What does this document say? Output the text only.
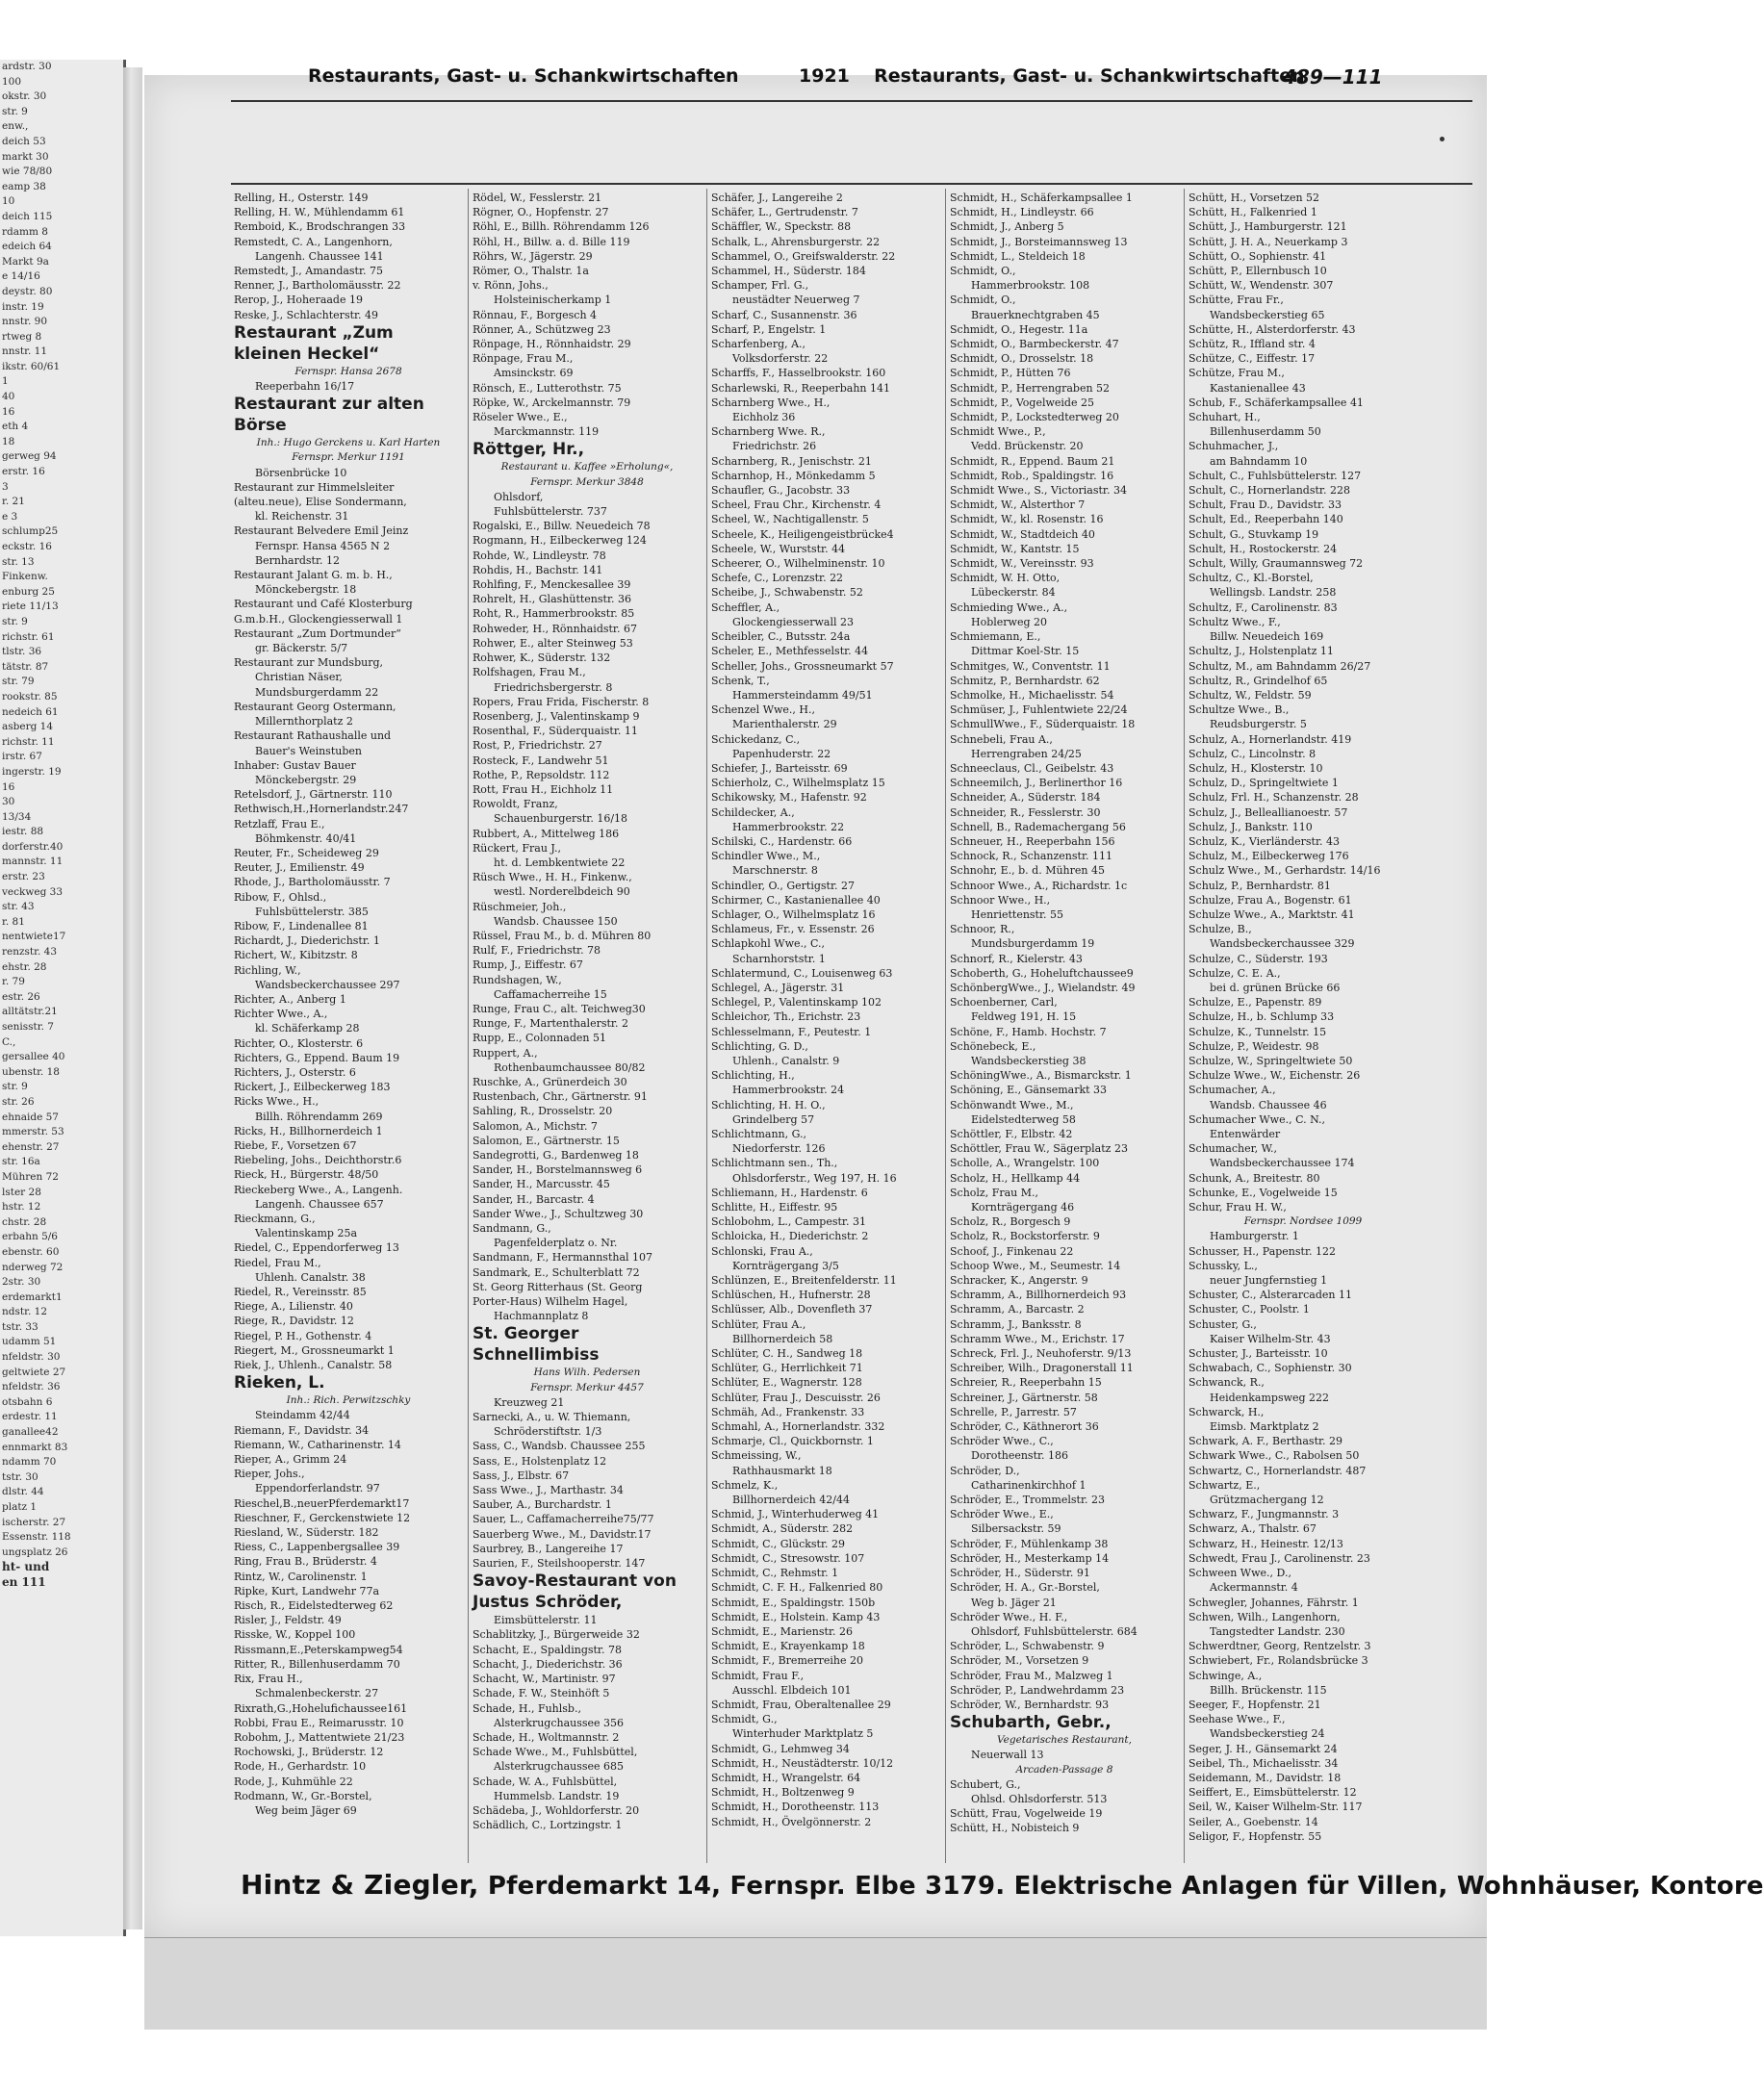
ardstr. 30
100
okstr. 30
str. 9
enw.,
deich 53
markt 30
wie 78/80
eamp 38
10
deich 115
rdamm 8
edeich 64
Markt 9a
e 14/16
deystr. 80
instr. 19
nnstr. 90
rtweg 8
nnstr. 11
ikstr. 60/61
1
40
16
eth 4
18
gerweg 94
erstr. 16
3
r. 21
e 3
schlump25
eckstr. 16
str. 13
Finkenw.
enburg 25
riete 11/13
str. 9
richstr. 61
tlstr. 36
tätstr. 87
str. 79
rookstr. 85
nedeich 61
asberg 14
richstr. 11
irstr. 67
ingerstr. 19
16
30
13/34
iestr. 88
dorferstr.40
mannstr. 11
erstr. 23
veckweg 33
str. 43
r. 81
nentwiete17
renzstr. 43
ehstr. 28
r. 79
estr. 26
alltätstr.21
senisstr. 7
C.,
gersallee 40
ubenstr. 18
str. 9
str. 26
ehnaide 57
mmerstr. 53
ehenstr. 27
str. 16a
Mühren 72
lster 28
hstr. 12
chstr. 28
erbahn 5/6
ebenstr. 60
nderweg 72
2str. 30
erdemarkt1
ndstr. 12
tstr. 33
udamm 51
nfeldstr. 30
geltwiete 27
nfeldstr. 36
otsbahn 6
erdestr. 11
ganallee42
ennmarkt 83
ndamm 70
tstr. 30
dlstr. 44
platz 1
ischerstr. 27
Essenstr. 118
ungsplatz 26
ht- und
en 111
Restaurants, Gast- u. Schankwirtschaften	1921 Restaurants, Gast- u. Schankwirtschaften
489—111
Relling, H., Osterstr. 149
Relling, H. W., Mühlendamm 61
Remboid, K., Brodschrangen 33
Remstedt, C. A., Langenhorn,
Langenh. Chaussee 141
Remstedt, J., Amandastr. 75
Renner, J., Bartholomäusstr. 22
Rerop, J., Hoheraade 19
Reske, J., Schlachterstr. 49
Restaurant „Zum kleinen Heckel“
Fernspr. Hansa 2678
Reeperbahn 16/17
Restaurant zur alten Börse
Inh.: Hugo Gerckens u. Karl Harten
Fernspr. Merkur 1191
Börsenbrücke 10
Restaurant zur Himmelsleiter
(alteu.neue), Elise Sondermann,
kl. Reichenstr. 31
Restaurant Belvedere Emil Jeinz
Fernspr. Hansa 4565 N 2
Bernhardstr. 12
Restaurant Jalant G. m. b. H.,
Mönckebergstr. 18
Restaurant und Café Klosterburg
G.m.b.H., Glockengiesserwall 1
Restaurant „Zum Dortmunder“
gr. Bäckerstr. 5/7
Restaurant zur Mundsburg,
Christian Näser,
Mundsburgerdamm 22
Restaurant Georg Ostermann,
Millernthorplatz 2
Restaurant Rathaushalle und
Bauer's Weinstuben
Inhaber: Gustav Bauer
Mönckebergstr. 29
Retelsdorf, J., Gärtnerstr. 110
Rethwisch,H.,Hornerlandstr.247
Retzlaff, Frau E.,
Böhmkenstr. 40/41
Reuter, Fr., Scheideweg 29
Reuter, J., Emilienstr. 49
Rhode, J., Bartholomäusstr. 7
Ribow, F., Ohlsd.,
Fuhlsbüttelerstr. 385
Ribow, F., Lindenallee 81
Richardt, J., Diederichstr. 1
Richert, W., Kibitzstr. 8
Richling, W.,
Wandsbeckerchaussee 297
Richter, A., Anberg 1
Richter Wwe., A.,
kl. Schäferkamp 28
Richter, O., Klosterstr. 6
Richters, G., Eppend. Baum 19
Richters, J., Osterstr. 6
Rickert, J., Eilbeckerweg 183
Ricks Wwe., H.,
Billh. Röhrendamm 269
Ricks, H., Billhornerdeich 1
Riebe, F., Vorsetzen 67
Riebeling, Johs., Deichthorstr.6
Rieck, H., Bürgerstr. 48/50
Rieckeberg Wwe., A., Langenh.
Langenh. Chaussee 657
Rieckmann, G.,
Valentinskamp 25a
Riedel, C., Eppendorferweg 13
Riedel, Frau M.,
Uhlenh. Canalstr. 38
Riedel, R., Vereinsstr. 85
Riege, A., Lilienstr. 40
Riege, R., Davidstr. 12
Riegel, P. H., Gothenstr. 4
Riegert, M., Grossneumarkt 1
Riek, J., Uhlenh., Canalstr. 58
Rieken, L.
Inh.: Rich. Perwitzschky
Steindamm 42/44
Riemann, F., Davidstr. 34
Riemann, W., Catharinenstr. 14
Rieper, A., Grimm 24
Rieper, Johs.,
Eppendorferlandstr. 97
Rieschel,B.,neuerPferdemarkt17
Rieschner, F., Gerckenstwiete 12
Riesland, W., Süderstr. 182
Riess, C., Lappenbergsallee 39
Ring, Frau B., Brüderstr. 4
Rintz, W., Carolinenstr. 1
Ripke, Kurt, Landwehr 77a
Risch, R., Eidelstedterweg 62
Risler, J., Feldstr. 49
Risske, W., Koppel 100
Rissmann,E.,Peterskampweg54
Ritter, R., Billenhuserdamm 70
Rix, Frau H.,
Schmalenbeckerstr. 27
Rixrath,G.,Hohelufichaussee161
Robbi, Frau E., Reimarusstr. 10
Robohm, J., Mattentwiete 21/23
Rochowski, J., Brüderstr. 12
Rode, H., Gerhardstr. 10
Rode, J., Kuhmühle 22
Rodmann, W., Gr.-Borstel,
Weg beim Jäger 69
Rödel, W., Fesslerstr. 21
Rögner, O., Hopfenstr. 27
Röhl, E., Billh. Röhrendamm 126
Röhl, H., Billw. a. d. Bille 119
Röhrs, W., Jägerstr. 29
Römer, O., Thalstr. 1a
v. Rönn, Johs.,
Holsteinischerkamp 1
Rönnau, F., Borgesch 4
Rönner, A., Schützweg 23
Rönpage, H., Rönnhaidstr. 29
Rönpage, Frau M.,
Amsinckstr. 69
Rönsch, E., Lutterothstr. 75
Röpke, W., Arckelmannstr. 79
Röseler Wwe., E.,
Marckmannstr. 119
Röttger, Hr.,
Restaurant u. Kaffee »Erholung«,
Fernspr. Merkur 3848
Ohlsdorf,
Fuhlsbüttelerstr. 737
Rogalski, E., Billw. Neuedeich 78
Rogmann, H., Eilbeckerweg 124
Rohde, W., Lindleystr. 78
Rohdis, H., Bachstr. 141
Rohlfing, F., Menckesallee 39
Rohrelt, H., Glashüttenstr. 36
Roht, R., Hammerbrookstr. 85
Rohweder, H., Rönnhaidstr. 67
Rohwer, E., alter Steinweg 53
Rohwer, K., Süderstr. 132
Rolfshagen, Frau M.,
Friedrichsbergerstr. 8
Ropers, Frau Frida, Fischerstr. 8
Rosenberg, J., Valentinskamp 9
Rosenthal, F., Süderquaistr. 11
Rost, P., Friedrichstr. 27
Rosteck, F., Landwehr 51
Rothe, P., Repsoldstr. 112
Rott, Frau H., Eichholz 11
Rowoldt, Franz,
Schauenburgerstr. 16/18
Rubbert, A., Mittelweg 186
Rückert, Frau J.,
ht. d. Lembkentwiete 22
Rüsch Wwe., H. H., Finkenw.,
westl. Norderelbdeich 90
Rüschmeier, Joh.,
Wandsb. Chaussee 150
Rüssel, Frau M., b. d. Mühren 80
Rulf, F., Friedrichstr. 78
Rump, J., Eiffestr. 67
Rundshagen, W.,
Caffamacherreihe 15
Runge, Frau C., alt. Teichweg30
Runge, F., Martenthalerstr. 2
Rupp, E., Colonnaden 51
Ruppert, A.,
Rothenbaumchaussee 80/82
Ruschke, A., Grünerdeich 30
Rustenbach, Chr., Gärtnerstr. 91
Sahling, R., Drosselstr. 20
Salomon, A., Michstr. 7
Salomon, E., Gärtnerstr. 15
Sandegrotti, G., Bardenweg 18
Sander, H., Borstelmannsweg 6
Sander, H., Marcusstr. 45
Sander, H., Barcastr. 4
Sander Wwe., J., Schultzweg 30
Sandmann, G.,
Pagenfelderplatz o. Nr.
Sandmann, F., Hermannsthal 107
Sandmark, E., Schulterblatt 72
St. Georg Ritterhaus (St. Georg
Porter-Haus) Wilhelm Hagel,
Hachmannplatz 8
St. Georger Schnellimbiss
Hans Wilh. Pedersen
Fernspr. Merkur 4457
Kreuzweg 21
Sarnecki, A., u. W. Thiemann,
Schröderstiftstr. 1/3
Sass, C., Wandsb. Chaussee 255
Sass, E., Holstenplatz 12
Sass, J., Elbstr. 67
Sass Wwe., J., Marthastr. 34
Sauber, A., Burchardstr. 1
Sauer, L., Caffamacherreihe75/77
Sauerberg Wwe., M., Davidstr.17
Saurbrey, B., Langereihe 17
Saurien, F., Steilshooperstr. 147
Savoy-Restaurant von Justus Schröder,
Eimsbüttelerstr. 11
Schablitzky, J., Bürgerweide 32
Schacht, E., Spaldingstr. 78
Schacht, J., Diederichstr. 36
Schacht, W., Martinistr. 97
Schade, F. W., Steinhöft 5
Schade, H., Fuhlsb.,
Alsterkrugchaussee 356
Schade, H., Woltmannstr. 2
Schade Wwe., M., Fuhlsbüttel,
Alsterkrugchaussee 685
Schade, W. A., Fuhlsbüttel,
Hummelsb. Landstr. 19
Schädeba, J., Wohldorferstr. 20
Schädlich, C., Lortzingstr. 1
Schäfer, J., Langereihe 2
Schäfer, L., Gertrudenstr. 7
Schäffler, W., Speckstr. 88
Schalk, L., Ahrensburgerstr. 22
Schammel, O., Greifswalderstr. 22
Schammel, H., Süderstr. 184
Schamper, Frl. G.,
neustädter Neuerweg 7
Scharf, C., Susannenstr. 36
Scharf, P., Engelstr. 1
Scharfenberg, A.,
Volksdorferstr. 22
Scharffs, F., Hasselbrookstr. 160
Scharlewski, R., Reeperbahn 141
Scharnberg Wwe., H.,
Eichholz 36
Scharnberg Wwe. R.,
Friedrichstr. 26
Scharnberg, R., Jenischstr. 21
Scharnhop, H., Mönkedamm 5
Schaufler, G., Jacobstr. 33
Scheel, Frau Chr., Kirchenstr. 4
Scheel, W., Nachtigallenstr. 5
Scheele, K., Heiligengeistbrücke4
Scheele, W., Wurststr. 44
Scheerer, O., Wilhelminenstr. 10
Schefe, C., Lorenzstr. 22
Scheibe, J., Schwabenstr. 52
Scheffler, A.,
Glockengiesserwall 23
Scheibler, C., Butsstr. 24a
Scheler, E., Methfesselstr. 44
Scheller, Johs., Grossneumarkt 57
Schenk, T.,
Hammersteindamm 49/51
Schenzel Wwe., H.,
Marienthalerstr. 29
Schickedanz, C.,
Papenhuderstr. 22
Schiefer, J., Barteisstr. 69
Schierholz, C., Wilhelmsplatz 15
Schikowsky, M., Hafenstr. 92
Schildecker, A.,
Hammerbrookstr. 22
Schilski, C., Hardenstr. 66
Schindler Wwe., M.,
Marschnerstr. 8
Schindler, O., Gertigstr. 27
Schirmer, C., Kastanienallee 40
Schlager, O., Wilhelmsplatz 16
Schlameus, Fr., v. Essenstr. 26
Schlapkohl Wwe., C.,
Scharnhorststr. 1
Schlatermund, C., Louisenweg 63
Schlegel, A., Jägerstr. 31
Schlegel, P., Valentinskamp 102
Schleichor, Th., Erichstr. 23
Schlesselmann, F., Peutestr. 1
Schlichting, G. D.,
Uhlenh., Canalstr. 9
Schlichting, H.,
Hammerbrookstr. 24
Schlichting, H. H. O.,
Grindelberg 57
Schlichtmann, G.,
Niedorferstr. 126
Schlichtmann sen., Th.,
Ohlsdorferstr., Weg 197, H. 16
Schliemann, H., Hardenstr. 6
Schlitte, H., Eiffestr. 95
Schlobohm, L., Campestr. 31
Schloicka, H., Diederichstr. 2
Schlonski, Frau A.,
Kornträgergang 3/5
Schlünzen, E., Breitenfelderstr. 11
Schlüschen, H., Hufnerstr. 28
Schlüsser, Alb., Dovenfleth 37
Schlüter, Frau A.,
Billhornerdeich 58
Schlüter, C. H., Sandweg 18
Schlüter, G., Herrlichkeit 71
Schlüter, E., Wagnerstr. 128
Schlüter, Frau J., Descuisstr. 26
Schmäh, Ad., Frankenstr. 33
Schmahl, A., Hornerlandstr. 332
Schmarje, Cl., Quickbornstr. 1
Schmeissing, W.,
Rathhausmarkt 18
Schmelz, K.,
Billhornerdeich 42/44
Schmid, J., Winterhuderweg 41
Schmidt, A., Süderstr. 282
Schmidt, C., Glückstr. 29
Schmidt, C., Stresowstr. 107
Schmidt, C., Rehmstr. 1
Schmidt, C. F. H., Falkenried 80
Schmidt, E., Spaldingstr. 150b
Schmidt, E., Holstein. Kamp 43
Schmidt, E., Marienstr. 26
Schmidt, E., Krayenkamp 18
Schmidt, F., Bremerreihe 20
Schmidt, Frau F.,
Ausschl. Elbdeich 101
Schmidt, Frau, Oberaltenallee 29
Schmidt, G.,
Winterhuder Marktplatz 5
Schmidt, G., Lehmweg 34
Schmidt, H., Neustädterstr. 10/12
Schmidt, H., Wrangelstr. 64
Schmidt, H., Boltzenweg 9
Schmidt, H., Dorotheenstr. 113
Schmidt, H., Övelgönnerstr. 2
Schmidt, H., Schäferkampsallee 1
Schmidt, H., Lindleystr. 66
Schmidt, J., Anberg 5
Schmidt, J., Borsteimannsweg 13
Schmidt, L., Steldeich 18
Schmidt, O.,
Hammerbrookstr. 108
Schmidt, O.,
Brauerknechtgraben 45
Schmidt, O., Hegestr. 11a
Schmidt, O., Barmbeckerstr. 47
Schmidt, O., Drosselstr. 18
Schmidt, P., Hütten 76
Schmidt, P., Herrengraben 52
Schmidt, P., Vogelweide 25
Schmidt, P., Lockstedterweg 20
Schmidt Wwe., P.,
Vedd. Brückenstr. 20
Schmidt, R., Eppend. Baum 21
Schmidt, Rob., Spaldingstr. 16
Schmidt Wwe., S., Victoriastr. 34
Schmidt, W., Alsterthor 7
Schmidt, W., kl. Rosenstr. 16
Schmidt, W., Stadtdeich 40
Schmidt, W., Kantstr. 15
Schmidt, W., Vereinsstr. 93
Schmidt, W. H. Otto,
Lübeckerstr. 84
Schmieding Wwe., A.,
Hoblerweg 20
Schmiemann, E.,
Dittmar Koel-Str. 15
Schmitges, W., Conventstr. 11
Schmitz, P., Bernhardstr. 62
Schmolke, H., Michaelisstr. 54
Schmüser, J., Fuhlentwiete 22/24
SchmullWwe., F., Süderquaistr. 18
Schnebeli, Frau A.,
Herrengraben 24/25
Schneeclaus, Cl., Geibelstr. 43
Schneemilch, J., Berlinerthor 16
Schneider, A., Süderstr. 184
Schneider, R., Fesslerstr. 30
Schnell, B., Rademachergang 56
Schneuer, H., Reeperbahn 156
Schnock, R., Schanzenstr. 111
Schnohr, E., b. d. Mühren 45
Schnoor Wwe., A., Richardstr. 1c
Schnoor Wwe., H.,
Henriettenstr. 55
Schnoor, R.,
Mundsburgerdamm 19
Schnorf, R., Kielerstr. 43
Schoberth, G., Hoheluftchaussee9
SchönbergWwe., J., Wielandstr. 49
Schoenberner, Carl,
Feldweg 191, H. 15
Schöne, F., Hamb. Hochstr. 7
Schönebeck, E.,
Wandsbeckerstieg 38
SchöningWwe., A., Bismarckstr. 1
Schöning, E., Gänsemarkt 33
Schönwandt Wwe., M.,
Eidelstedterweg 58
Schöttler, F., Elbstr. 42
Schöttler, Frau W., Sägerplatz 23
Scholle, A., Wrangelstr. 100
Scholz, H., Hellkamp 44
Scholz, Frau M.,
Kornträgergang 46
Scholz, R., Borgesch 9
Scholz, R., Bockstorferstr. 9
Schoof, J., Finkenau 22
Schoop Wwe., M., Seumestr. 14
Schracker, K., Angerstr. 9
Schramm, A., Billhornerdeich 93
Schramm, A., Barcastr. 2
Schramm, J., Banksstr. 8
Schramm Wwe., M., Erichstr. 17
Schreck, Frl. J., Neuhoferstr. 9/13
Schreiber, Wilh., Dragonerstall 11
Schreier, R., Reeperbahn 15
Schreiner, J., Gärtnerstr. 58
Schrelle, P., Jarrestr. 57
Schröder, C., Käthnerort 36
Schröder Wwe., C.,
Dorotheenstr. 186
Schröder, D.,
Catharinenkirchhof 1
Schröder, E., Trommelstr. 23
Schröder Wwe., E.,
Silbersackstr. 59
Schröder, F., Mühlenkamp 38
Schröder, H., Mesterkamp 14
Schröder, H., Süderstr. 91
Schröder, H. A., Gr.-Borstel,
Weg b. Jäger 21
Schröder Wwe., H. F.,
Ohlsdorf, Fuhlsbüttelerstr. 684
Schröder, L., Schwabenstr. 9
Schröder, M., Vorsetzen 9
Schröder, Frau M., Malzweg 1
Schröder, P., Landwehrdamm 23
Schröder, W., Bernhardstr. 93
Schubarth, Gebr.,
Vegetarisches Restaurant,
Neuerwall 13
Arcaden-Passage 8
Schubert, G.,
Ohlsd. Ohlsdorferstr. 513
Schütt, Frau, Vogelweide 19
Schütt, H., Nobisteich 9
Schütt, H., Vorsetzen 52
Schütt, H., Falkenried 1
Schütt, J., Hamburgerstr. 121
Schütt, J. H. A., Neuerkamp 3
Schütt, O., Sophienstr. 41
Schütt, P., Ellernbusch 10
Schütt, W., Wendenstr. 307
Schütte, Frau Fr.,
Wandsbeckerstieg 65
Schütte, H., Alsterdorferstr. 43
Schütz, R., Iffland str. 4
Schütze, C., Eiffestr. 17
Schütze, Frau M.,
Kastanienallee 43
Schub, F., Schäferkampsallee 41
Schuhart, H.,
Billenhuserdamm 50
Schuhmacher, J.,
am Bahndamm 10
Schult, C., Fuhlsbüttelerstr. 127
Schult, C., Hornerlandstr. 228
Schult, Frau D., Davidstr. 33
Schult, Ed., Reeperbahn 140
Schult, G., Stuvkamp 19
Schult, H., Rostockerstr. 24
Schult, Willy, Graumannsweg 72
Schultz, C., Kl.-Borstel,
Wellingsb. Landstr. 258
Schultz, F., Carolinenstr. 83
Schultz Wwe., F.,
Billw. Neuedeich 169
Schultz, J., Holstenplatz 11
Schultz, M., am Bahndamm 26/27
Schultz, R., Grindelhof 65
Schultz, W., Feldstr. 59
Schultze Wwe., B.,
Reudsburgerstr. 5
Schulz, A., Hornerlandstr. 419
Schulz, C., Lincolnstr. 8
Schulz, H., Klosterstr. 10
Schulz, D., Springeltwiete 1
Schulz, Frl. H., Schanzenstr. 28
Schulz, J., Belleallianoestr. 57
Schulz, J., Bankstr. 110
Schulz, K., Vierländerstr. 43
Schulz, M., Eilbeckerweg 176
Schulz Wwe., M., Gerhardstr. 14/16
Schulz, P., Bernhardstr. 81
Schulze, Frau A., Bogenstr. 61
Schulze Wwe., A., Marktstr. 41
Schulze, B.,
Wandsbeckerchaussee 329
Schulze, C., Süderstr. 193
Schulze, C. E. A.,
bei d. grünen Brücke 66
Schulze, E., Papenstr. 89
Schulze, H., b. Schlump 33
Schulze, K., Tunnelstr. 15
Schulze, P., Weidestr. 98
Schulze, W., Springeltwiete 50
Schulze Wwe., W., Eichenstr. 26
Schumacher, A.,
Wandsb. Chaussee 46
Schumacher Wwe., C. N.,
Entenwärder
Schumacher, W.,
Wandsbeckerchaussee 174
Schunk, A., Breitestr. 80
Schunke, E., Vogelweide 15
Schur, Frau H. W.,
Fernspr. Nordsee 1099
Hamburgerstr. 1
Schusser, H., Papenstr. 122
Schussky, L.,
neuer Jungfernstieg 1
Schuster, C., Alsterarcaden 11
Schuster, C., Poolstr. 1
Schuster, G.,
Kaiser Wilhelm-Str. 43
Schuster, J., Barteisstr. 10
Schwabach, C., Sophienstr. 30
Schwanck, R.,
Heidenkampsweg 222
Schwarck, H.,
Eimsb. Marktplatz 2
Schwark, A. F., Berthastr. 29
Schwark Wwe., C., Rabolsen 50
Schwartz, C., Hornerlandstr. 487
Schwartz, E.,
Grützmachergang 12
Schwarz, F., Jungmannstr. 3
Schwarz, A., Thalstr. 67
Schwarz, H., Heinestr. 12/13
Schwedt, Frau J., Carolinenstr. 23
Schween Wwe., D.,
Ackermannstr. 4
Schwegler, Johannes, Fährstr. 1
Schwen, Wilh., Langenhorn,
Tangstedter Landstr. 230
Schwerdtner, Georg, Rentzelstr. 3
Schwiebert, Fr., Rolandsbrücke 3
Schwinge, A.,
Billh. Brückenstr. 115
Seeger, F., Hopfenstr. 21
Seehase Wwe., F.,
Wandsbeckerstieg 24
Seger, J. H., Gänsemarkt 24
Seibel, Th., Michaelisstr. 34
Seidemann, M., Davidstr. 18
Seiffert, E., Eimsbüttelerstr. 12
Seil, W., Kaiser Wilhelm-Str. 117
Seiler, A., Goebenstr. 14
Seligor, F., Hopfenstr. 55
Hintz & Ziegler, Pferdemarkt 14, Fernspr. Elbe 3179. Elektrische Anlagen für Villen, Wohnhäuser, Kontore
